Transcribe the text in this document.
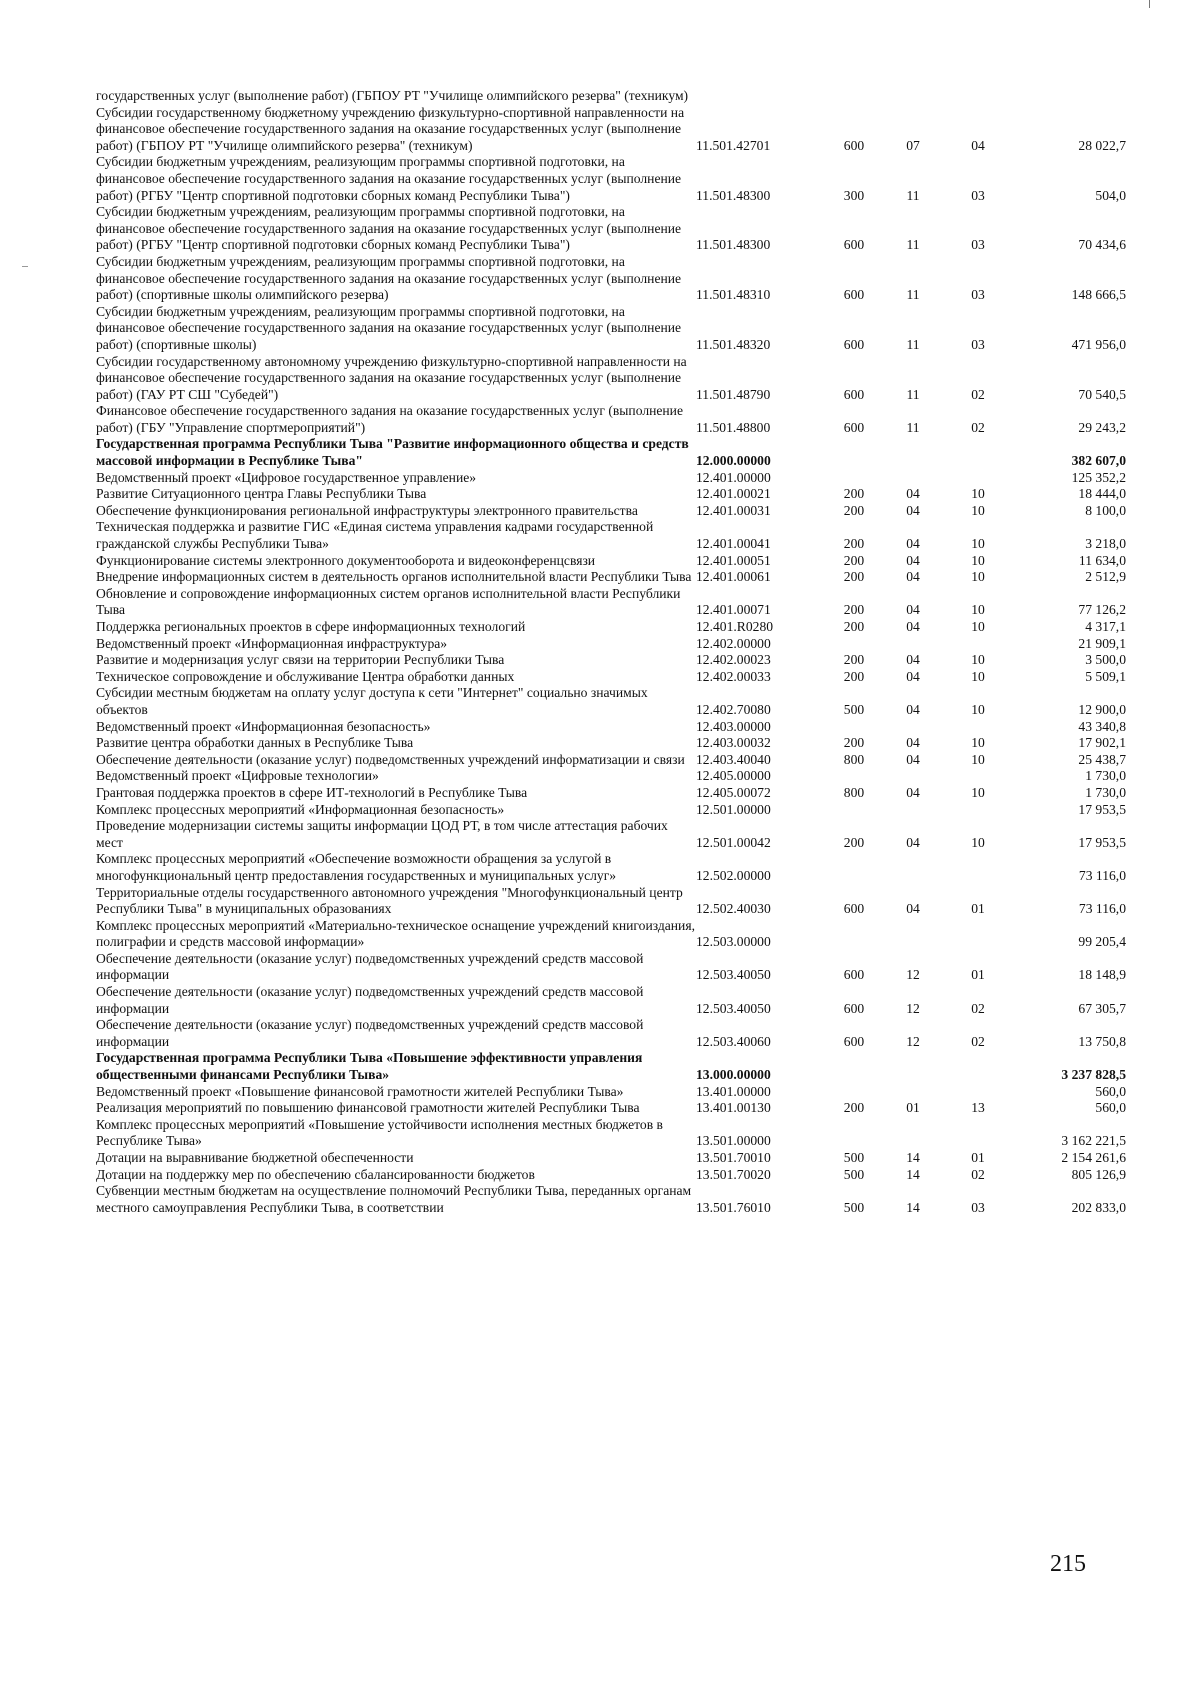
государственных услуг (выполнение работ) (ГБПОУ РТ "Училище олимпийского резерва" (техникум)					
Субсидии государственному бюджетному учреждению физкультурно-спортивной направленности на финансовое обеспечение государственного задания на оказание государственных услуг (выполнение работ) (ГБПОУ РТ "Училище олимпийского резерва" (техникум)	11.501.42701	600	07	04	28 022,7
Субсидии бюджетным учреждениям, реализующим программы спортивной подготовки, на финансовое обеспечение государственного задания на оказание государственных услуг (выполнение работ) (РГБУ "Центр спортивной подготовки сборных команд Республики Тыва")	11.501.48300	300	11	03	504,0
Субсидии бюджетным учреждениям, реализующим программы спортивной подготовки, на финансовое обеспечение государственного задания на оказание государственных услуг (выполнение работ) (РГБУ "Центр спортивной подготовки сборных команд Республики Тыва")	11.501.48300	600	11	03	70 434,6
Субсидии бюджетным учреждениям, реализующим программы спортивной подготовки, на финансовое обеспечение государственного задания на оказание государственных услуг (выполнение работ) (спортивные школы олимпийского резерва)	11.501.48310	600	11	03	148 666,5
Субсидии бюджетным учреждениям, реализующим программы спортивной подготовки, на финансовое обеспечение государственного задания на оказание государственных услуг (выполнение работ) (спортивные школы)	11.501.48320	600	11	03	471 956,0
Субсидии государственному автономному учреждению физкультурно-спортивной направленности на финансовое обеспечение государственного задания на оказание государственных услуг (выполнение работ) (ГАУ РТ СШ "Субедей")	11.501.48790	600	11	02	70 540,5
Финансовое обеспечение государственного задания на оказание государственных услуг (выполнение работ) (ГБУ "Управление спортмероприятий")	11.501.48800	600	11	02	29 243,2
Государственная программа Республики Тыва "Развитие информационного общества и средств массовой информации в Республике Тыва"	12.000.00000				382 607,0
Ведомственный проект «Цифровое государственное управление»	12.401.00000				125 352,2
Развитие Ситуационного центра Главы Республики Тыва	12.401.00021	200	04	10	18 444,0
Обеспечение функционирования региональной инфраструктуры электронного правительства	12.401.00031	200	04	10	8 100,0
Техническая поддержка и развитие ГИС «Единая система управления кадрами государственной гражданской службы Республики Тыва»	12.401.00041	200	04	10	3 218,0
Функционирование системы электронного документооборота и видеоконференцсвязи	12.401.00051	200	04	10	11 634,0
Внедрение информационных систем в деятельность органов исполнительной власти Республики Тыва	12.401.00061	200	04	10	2 512,9
Обновление и сопровождение информационных систем органов исполнительной власти Республики Тыва	12.401.00071	200	04	10	77 126,2
Поддержка региональных проектов в сфере информационных технологий	12.401.R0280	200	04	10	4 317,1
Ведомственный проект «Информационная инфраструктура»	12.402.00000				21 909,1
Развитие и модернизация услуг связи на территории Республики Тыва	12.402.00023	200	04	10	3 500,0
Техническое сопровождение и обслуживание Центра обработки данных	12.402.00033	200	04	10	5 509,1
Субсидии местным бюджетам на оплату услуг доступа к сети "Интернет" социально значимых объектов	12.402.70080	500	04	10	12 900,0
Ведомственный проект «Информационная безопасность»	12.403.00000				43 340,8
Развитие центра обработки данных в Республике Тыва	12.403.00032	200	04	10	17 902,1
Обеспечение деятельности (оказание услуг) подведомственных учреждений информатизации и связи	12.403.40040	800	04	10	25 438,7
Ведомственный проект «Цифровые технологии»	12.405.00000				1 730,0
Грантовая поддержка проектов в сфере ИТ-технологий в Республике Тыва	12.405.00072	800	04	10	1 730,0
Комплекс процессных мероприятий «Информационная безопасность»	12.501.00000				17 953,5
Проведение модернизации системы защиты информации ЦОД РТ, в том числе аттестация рабочих мест	12.501.00042	200	04	10	17 953,5
Комплекс процессных мероприятий «Обеспечение возможности обращения за услугой в многофункциональный центр предоставления государственных и муниципальных услуг»	12.502.00000				73 116,0
Территориальные отделы государственного автономного учреждения "Многофункциональный центр Республики Тыва" в муниципальных образованиях	12.502.40030	600	04	01	73 116,0
Комплекс процессных мероприятий «Материально-техническое оснащение учреждений книгоиздания, полиграфии и средств массовой информации»	12.503.00000				99 205,4
Обеспечение деятельности (оказание услуг) подведомственных учреждений средств массовой информации	12.503.40050	600	12	01	18 148,9
Обеспечение деятельности (оказание услуг) подведомственных учреждений средств массовой информации	12.503.40050	600	12	02	67 305,7
Обеспечение деятельности (оказание услуг) подведомственных учреждений средств массовой информации	12.503.40060	600	12	02	13 750,8
Государственная программа Республики Тыва «Повышение эффективности управления общественными финансами Республики Тыва»	13.000.00000				3 237 828,5
Ведомственный проект «Повышение финансовой грамотности жителей Республики Тыва»	13.401.00000				560,0
Реализация мероприятий по повышению финансовой грамотности жителей Республики Тыва	13.401.00130	200	01	13	560,0
Комплекс процессных мероприятий «Повышение устойчивости исполнения местных бюджетов в Республике Тыва»	13.501.00000				3 162 221,5
Дотации на выравнивание бюджетной обеспеченности	13.501.70010	500	14	01	2 154 261,6
Дотации на поддержку мер по обеспечению сбалансированности бюджетов	13.501.70020	500	14	02	805 126,9
Субвенции местным бюджетам на осуществление полномочий Республики Тыва, переданных органам местного самоуправления Республики Тыва, в соответствии	13.501.76010	500	14	03	202 833,0
215
